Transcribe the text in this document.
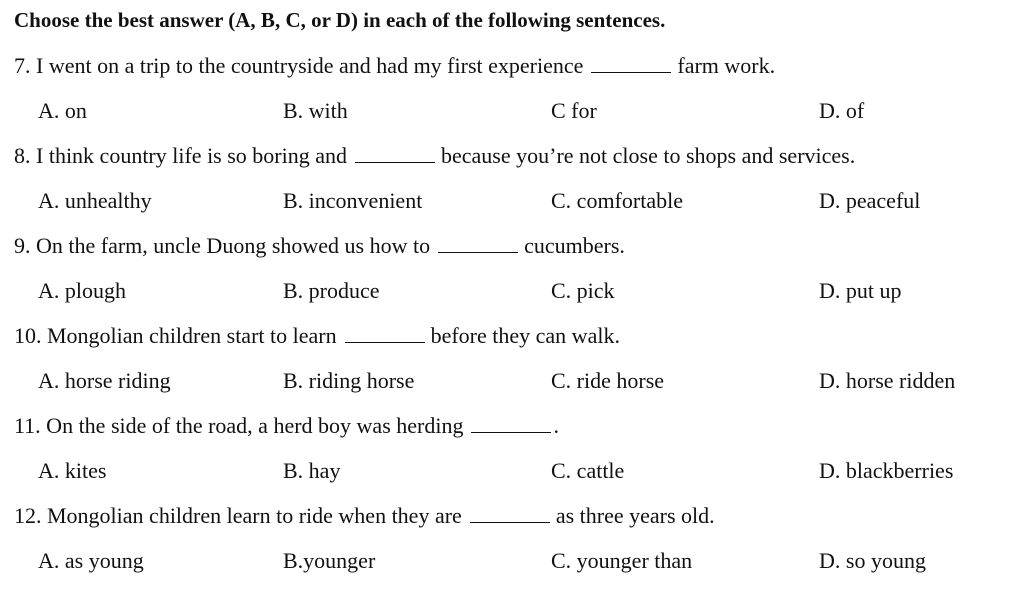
Choose the best answer (A, B, C, or D) in each of the following sentences.
7. I went on a trip to the countryside and had my first experience	farm work.
A. on	B. with	C for	D. of
8. I think country life is so boring and	because you’re not close to shops and services.
A. unhealthy	B. inconvenient	C. comfortable	D. peaceful
9. On the farm, uncle Duong showed us how to	cucumbers.
A. plough	B. produce	C. pick	D. put up
10. Mongolian children start to learn	before they can walk.
A. horse riding	B. riding horse	C. ride horse	D. horse ridden
11. On the side of the road, a herd boy was herding	.
A. kites	B. hay	C. cattle	D. blackberries
12. Mongolian children learn to ride when they are	as three years old.
A. as young	B.younger	C. younger than	D. so young
